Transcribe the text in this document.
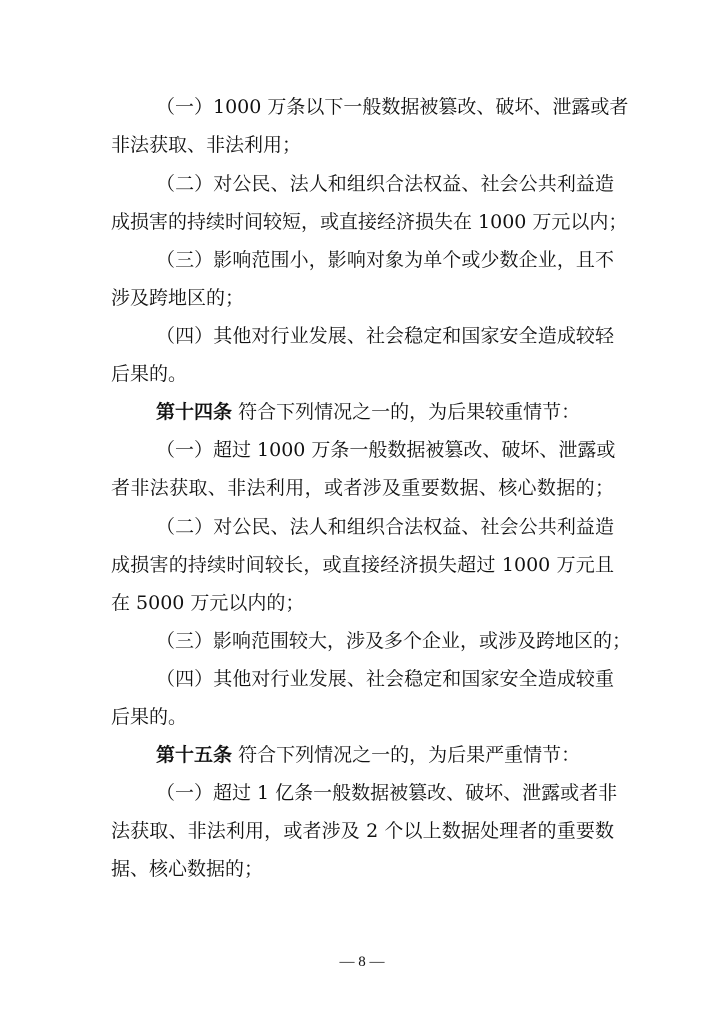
（一）1000 万条以下一般数据被篡改、破坏、泄露或者
非法获取、非法利用；
（二）对公民、法人和组织合法权益、社会公共利益造
成损害的持续时间较短，或直接经济损失在 1000 万元以内；
（三）影响范围小，影响对象为单个或少数企业，且不
涉及跨地区的；
（四）其他对行业发展、社会稳定和国家安全造成较轻
后果的。
第十四条 符合下列情况之一的，为后果较重情节：
（一）超过 1000 万条一般数据被篡改、破坏、泄露或
者非法获取、非法利用，或者涉及重要数据、核心数据的；
（二）对公民、法人和组织合法权益、社会公共利益造
成损害的持续时间较长，或直接经济损失超过 1000 万元且
在 5000 万元以内的；
（三）影响范围较大，涉及多个企业，或涉及跨地区的；
（四）其他对行业发展、社会稳定和国家安全造成较重
后果的。
第十五条 符合下列情况之一的，为后果严重情节：
（一）超过 1 亿条一般数据被篡改、破坏、泄露或者非
法获取、非法利用，或者涉及 2 个以上数据处理者的重要数
据、核心数据的；
— 8 —
